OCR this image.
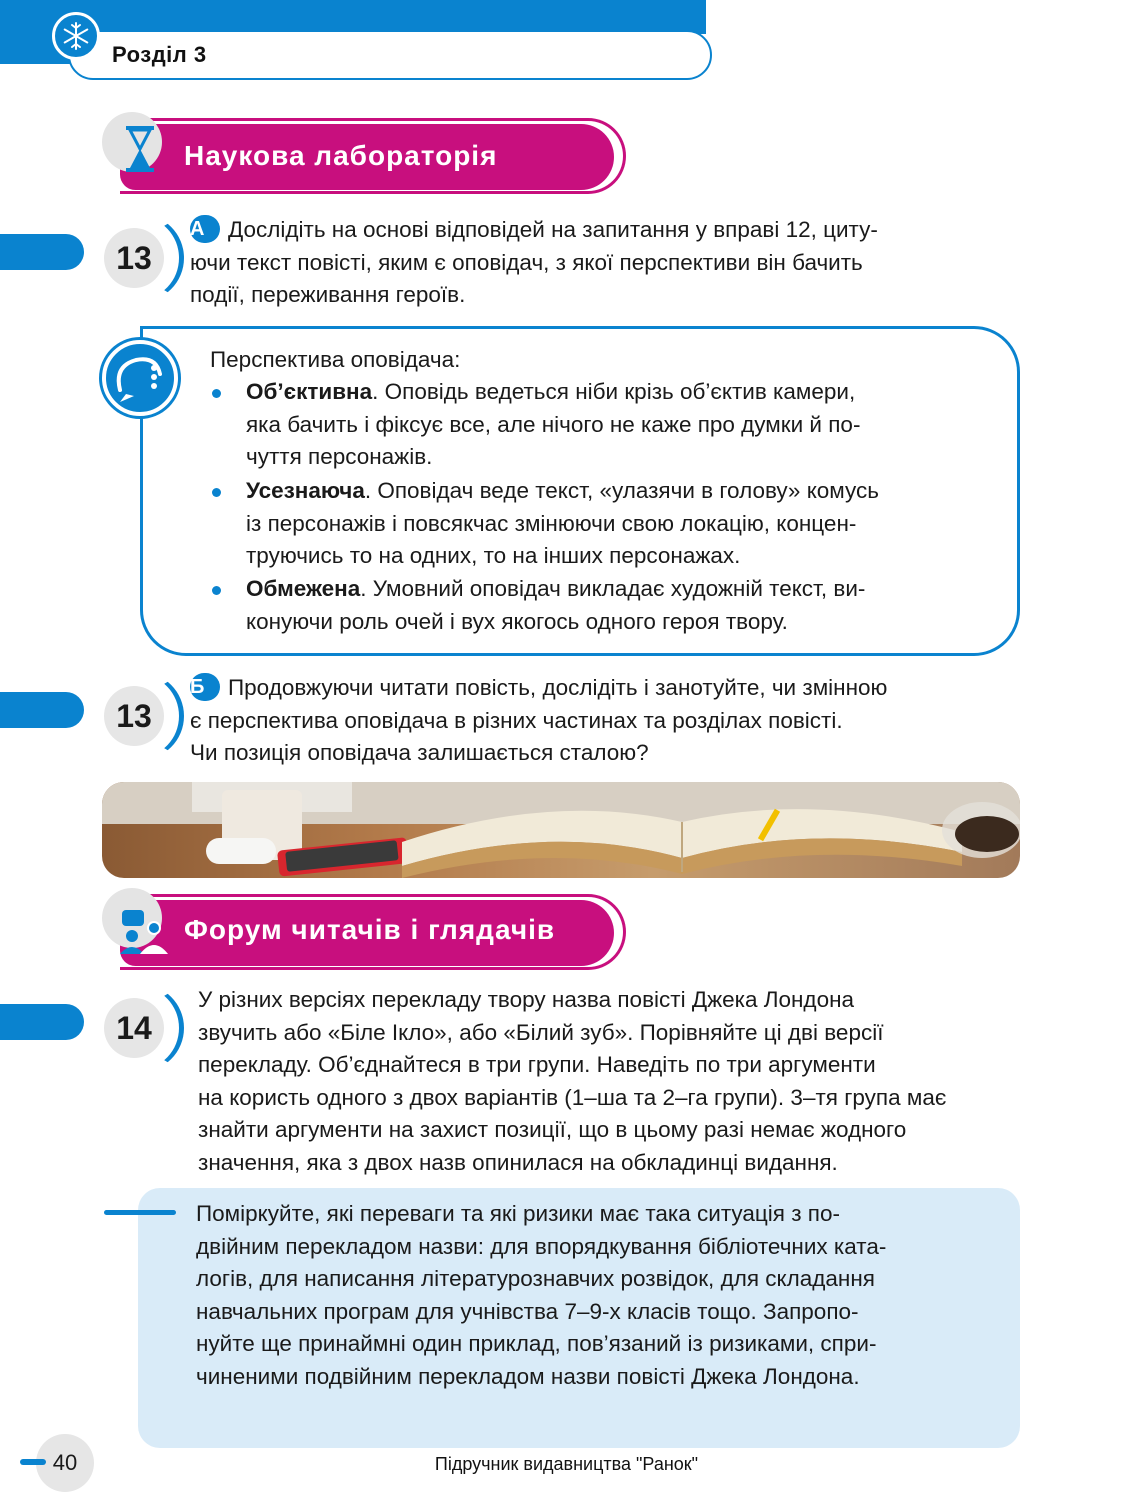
Розділ 3
Наукова лабораторія
13
А Дослідіть на основі відповідей на запитання у вправі 12, циту-
ючи текст повісті, яким є оповідач, з якої перспективи він бачить
події, переживання героїв.
Перспектива оповідача:
Об’єктивна. Оповідь ведеться ніби крізь об’єктив камери,
яка бачить і фіксує все, але нічого не каже про думки й по-
чуття персонажів.
Усезнаюча. Оповідач веде текст, «улазячи в голову» комусь
із персонажів і повсякчас змінюючи свою локацію, концен-
труючись то на одних, то на інших персонажах.
Обмежена. Умовний оповідач викладає художній текст, ви-
конуючи роль очей і вух якогось одного героя твору.
13
Б Продовжуючи читати повість, дослідіть і занотуйте, чи змінною
є перспектива оповідача в різних частинах та розділах повісті.
Чи позиція оповідача залишається сталою?
Форум читачів і глядачів
14
У різних версіях перекладу твору назва повісті Джека Лондона
звучить або «Біле Ікло», або «Білий зуб». Порівняйте ці дві версії
перекладу. Об’єднайтеся в три групи. Наведіть по три аргументи
на користь одного з двох варіантів (1–ша та 2–га групи). 3–тя група має
знайти аргументи на захист позиції, що в цьому разі немає жодного
значення, яка з двох назв опинилася на обкладинці видання.
Поміркуйте, які переваги та які ризики має така ситуація з по-
двійним перекладом назви: для впорядкування бібліотечних ката-
логів, для написання літературознавчих розвідок, для складання
навчальних програм для учнівства 7–9-х класів тощо. Запропо-
нуйте ще принаймні один приклад, пов’язаний із ризиками, спри-
чиненими подвійним перекладом назви повісті Джека Лондона.
40	Підручник видавництва "Ранок"
